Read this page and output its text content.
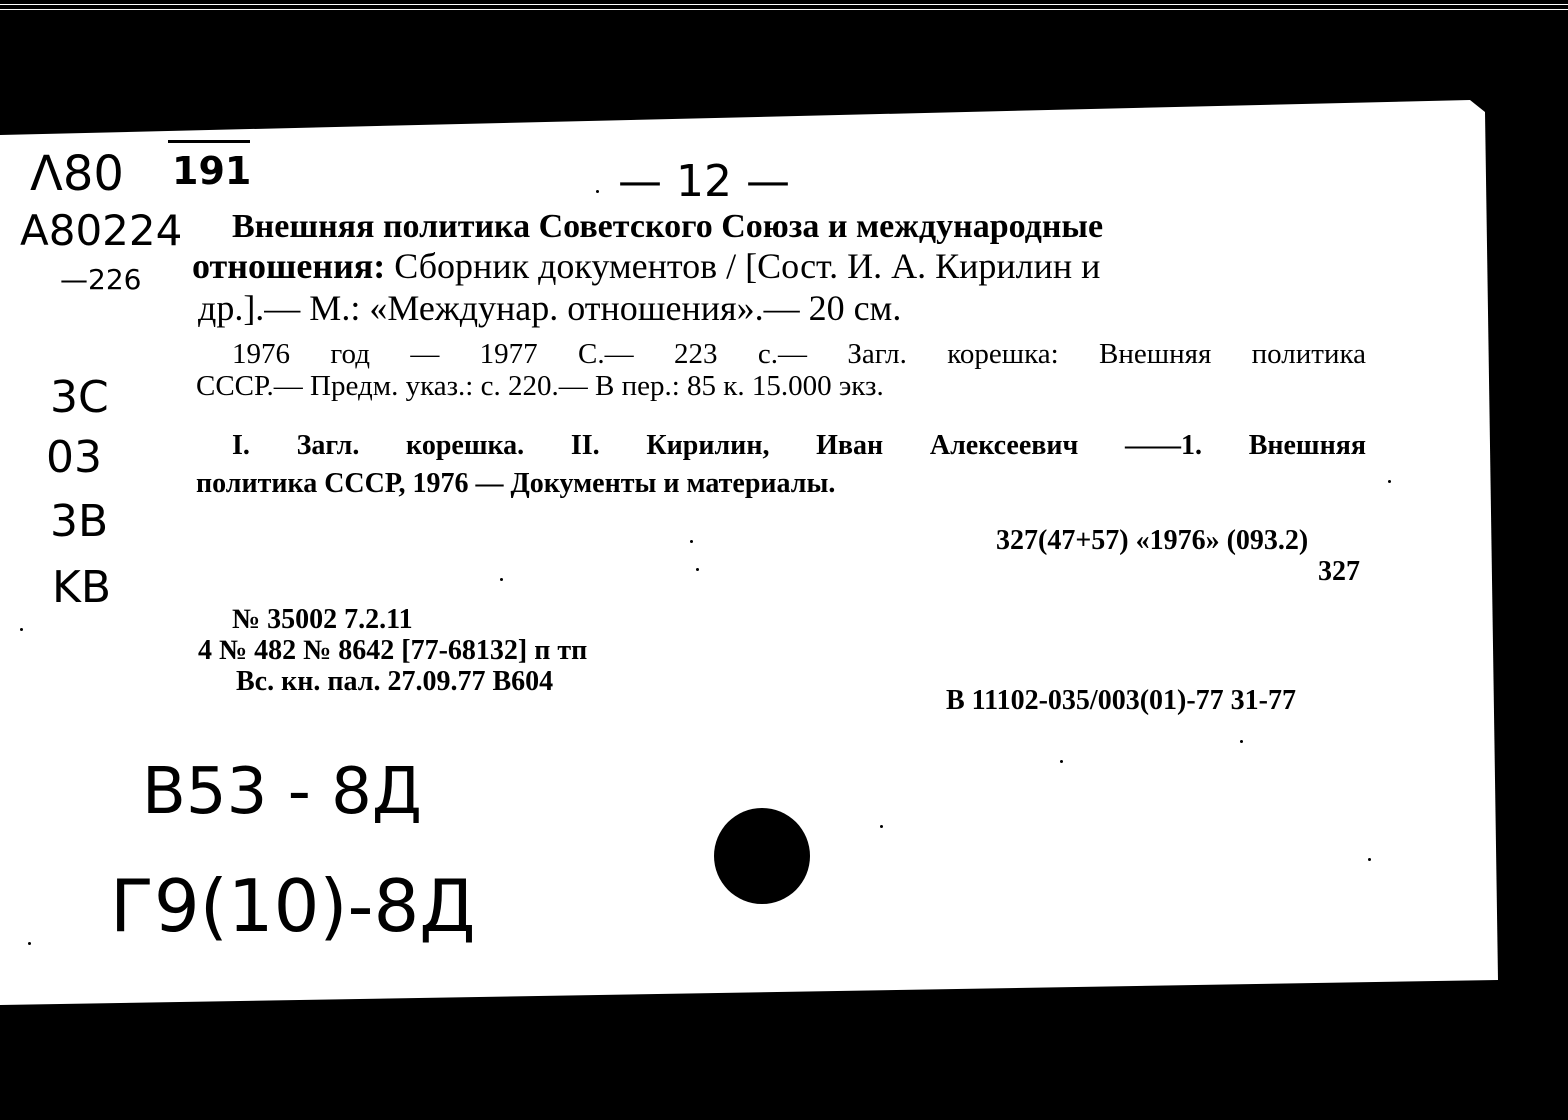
Λ80 191	— 12 —
A80224
—226
3C
03
3B
KB
B53 - 8Д
Г9(10)-8Д
Внешняя политика Советского Союза и международные
отношения: Сборник документов / [Сост. И. А. Кирилин и
др.].— М.: «Междунар. отношения».— 20 см.
1976 год — 1977 С.— 223 с.— Загл. корешка: Внешняя политика
СССР.— Предм. указ.: с. 220.— В пер.: 85 к. 15.000 экз.
I. Загл. корешка. II. Кирилин, Иван Алексеевич ——1. Внешняя
политика СССР, 1976 — Документы и материалы.
327(47+57) «1976» (093.2)
327
№ 35002 7.2.11
4 № 482 № 8642 [77-68132] п тп
Вс. кн. пал. 27.09.77 В604
В 11102-035/003(01)-77 31-77
